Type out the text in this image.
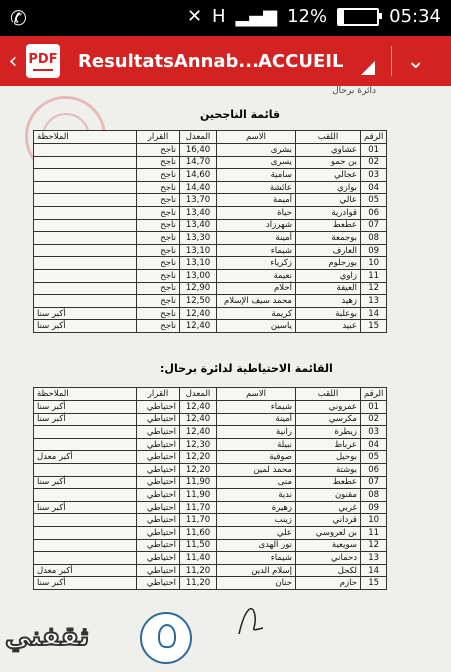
✆	✕ H ▂▄▆ 12%	05:34
‹ PDF ResultatsAnnab... ACCUEIL	⌄
دائرة برحال
قائمة الناجحين
الرقم	اللقب	الاسم	المعدل	القرار	الملاحظة
01	عشاوي	بشرى	16,40	ناجح	
02	بن حمو	يسرى	14,70	ناجح	
03	عجالي	سامية	14,60	ناجح	
04	بوازي	عائشة	14,40	ناجح	
05	عالي	أميمة	13,70	ناجح	
06	قوادرية	حياة	13,40	ناجح	
07	عطعط	شهرزاد	13,40	ناجح	
08	بوجمعة	أمينة	13,30	ناجح	
09	العارف	شيماء	13,10	ناجح	
10	بورحلوم	زكرياء	13,10	ناجح	
11	زاوي	نعيمة	13,00	ناجح	
12	العيفة	أحلام	12,90	ناجح	
13	زهيد	محمد سيف الإسلام	12,50	ناجح	
14	بوعلبة	كريمة	12,40	ناجح	أكبر سنا
15	عبيد	ياسين	12,40	ناجح	أكبر سنا
القائمة الاحتياطية لدائرة برحال:
الرقم	اللقب	الاسم	المعدل	القرار	الملاحظة
01	عمروني	شيماء	12,40	احتياطي	أكبر سنا
02	مكرسي	أمينة	12,40	احتياطي	أكبر سنا
03	زيطرة	رانية	12,40	احتياطي	
04	عرباط	نبيلة	12,30	احتياطي	
05	بوحيل	صوفية	12,20	احتياطي	أكبر معدل
06	بوشتة	محمد لمين	12,20	احتياطي	
07	عطعط	منى	11,90	احتياطي	أكبر سنا
08	مقنون	ندية	11,90	احتياطي	
09	غربي	زهيرة	11,70	احتياطي	أكبر سنا
10	قرداني	زينب	11,70	احتياطي	
11	بن لعروسي	علي	11,60	احتياطي	
12	سويعية	نور الهدى	11,50	احتياطي	
13	دحماني	شيماء	11,40	احتياطي	
14	لكحل	إسلام الدين	11,20	احتياطي	أكبر معدل
15	حازم	حنان	11,20	احتياطي	أكبر سنا
ثقفني
